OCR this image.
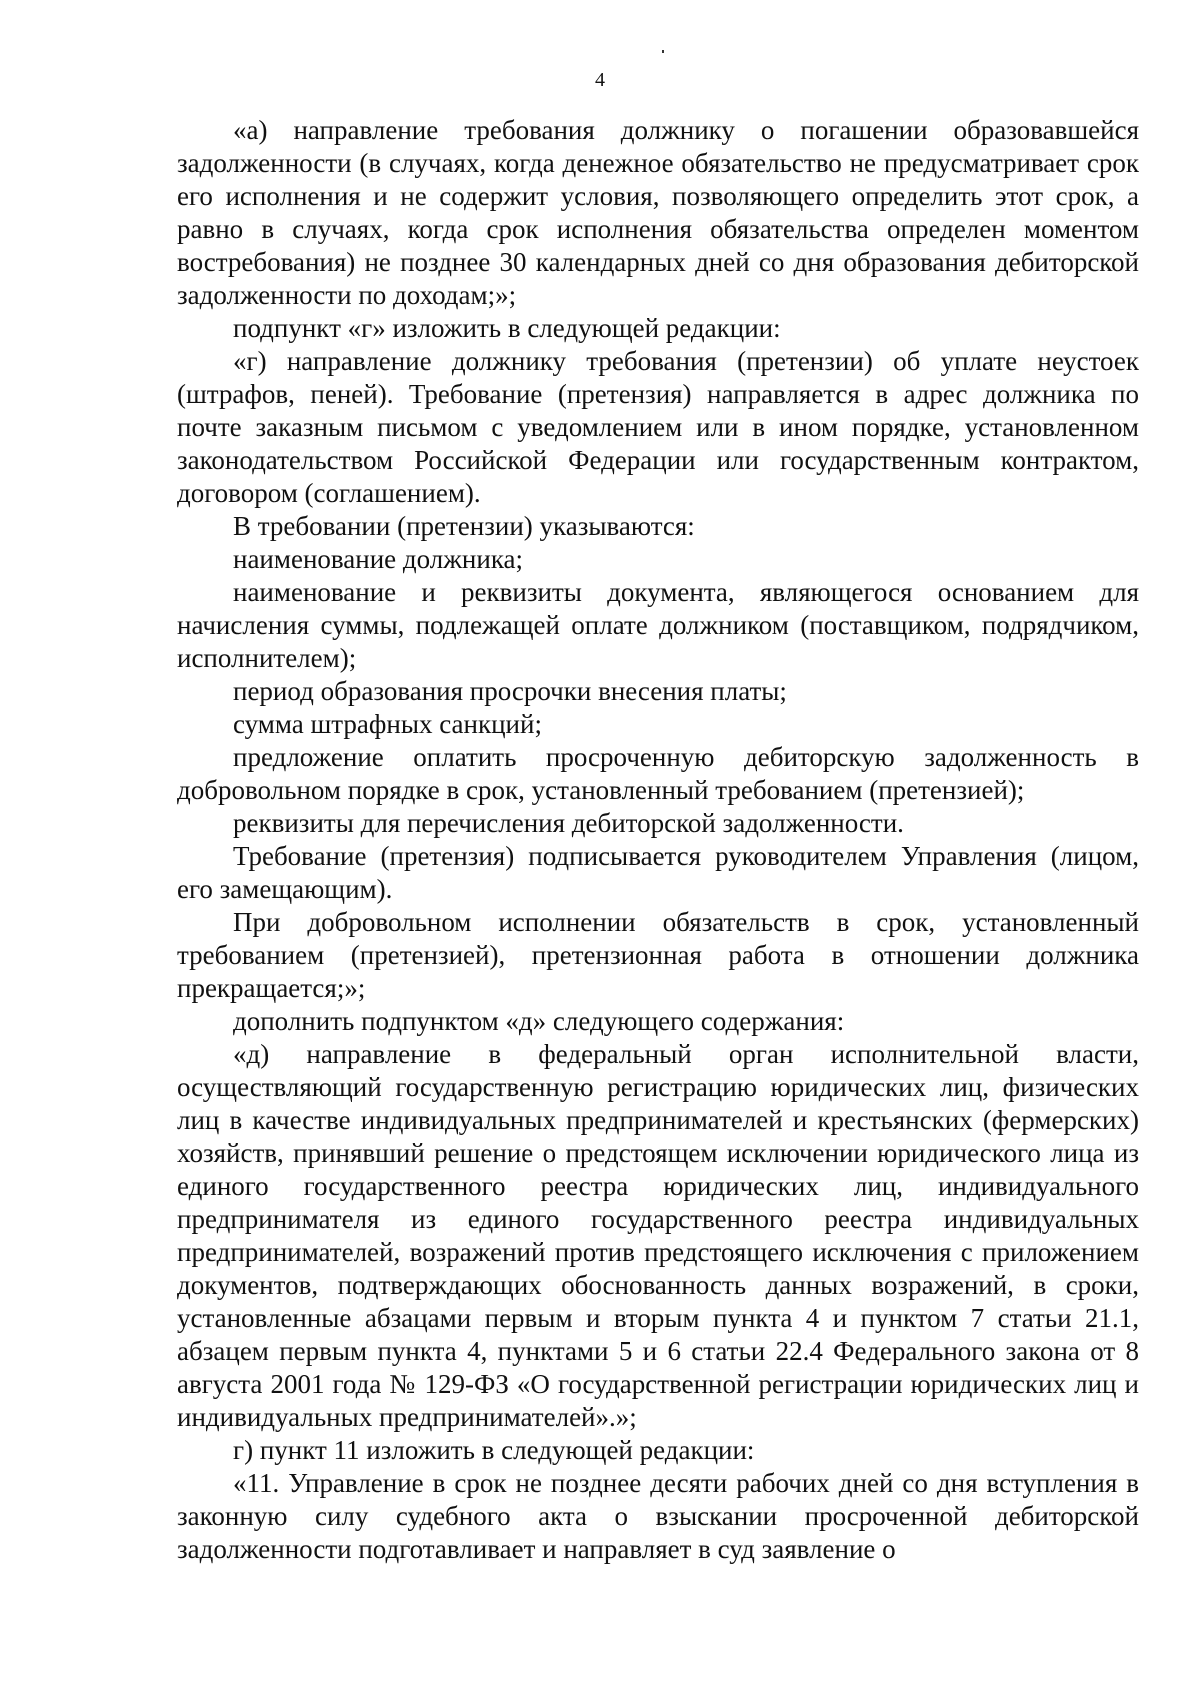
4

«а) направление требования должнику о погашении образовавшейся задолженности (в случаях, когда денежное обязательство не предусматривает срок его исполнения и не содержит условия, позволяющего определить этот срок, а равно в случаях, когда срок исполнения обязательства определен моментом востребования) не позднее 30 календарных дней со дня образования дебиторской задолженности по доходам;»;

подпункт «г» изложить в следующей редакции:

«г) направление должнику требования (претензии) об уплате неустоек (штрафов, пеней). Требование (претензия) направляется в адрес должника по почте заказным письмом с уведомлением или в ином порядке, установленном законодательством Российской Федерации или государственным контрактом, договором (соглашением).

В требовании (претензии) указываются:

наименование должника;

наименование и реквизиты документа, являющегося основанием для начисления суммы, подлежащей оплате должником (поставщиком, подрядчиком, исполнителем);

период образования просрочки внесения платы;

сумма штрафных санкций;

предложение оплатить просроченную дебиторскую задолженность в добровольном порядке в срок, установленный требованием (претензией);

реквизиты для перечисления дебиторской задолженности.

Требование (претензия) подписывается руководителем Управления (лицом, его замещающим).

При добровольном исполнении обязательств в срок, установленный требованием (претензией), претензионная работа в отношении должника прекращается;»;

дополнить подпунктом «д» следующего содержания:

«д) направление в федеральный орган исполнительной власти, осуществляющий государственную регистрацию юридических лиц, физических лиц в качестве индивидуальных предпринимателей и крестьянских (фермерских) хозяйств, принявший решение о предстоящем исключении юридического лица из единого государственного реестра юридических лиц, индивидуального предпринимателя из единого государственного реестра индивидуальных предпринимателей, возражений против предстоящего исключения с приложением документов, подтверждающих обоснованность данных возражений, в сроки, установленные абзацами первым и вторым пункта 4 и пунктом 7 статьи 21.1, абзацем первым пункта 4, пунктами 5 и 6 статьи 22.4 Федерального закона от 8 августа 2001 года № 129-ФЗ «О государственной регистрации юридических лиц и индивидуальных предпринимателей».»;

г) пункт 11 изложить в следующей редакции:

«11. Управление в срок не позднее десяти рабочих дней со дня вступления в законную силу судебного акта о взыскании просроченной дебиторской задолженности подготавливает и направляет в суд заявление о
